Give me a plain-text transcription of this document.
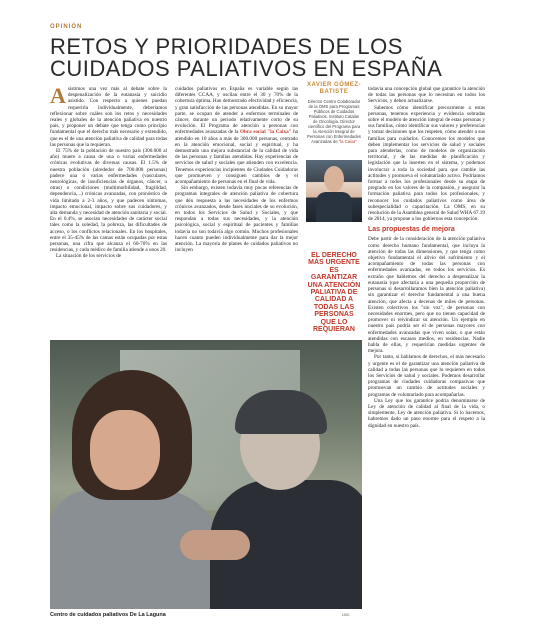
OPINIÓN
RETOS Y PRIORIDADES DE LOS CUIDADOS PALIATIVOS EN ESPAÑA
A sistimos una vez más al debate sobre la despenalización de la eutanasia y suicidio asistido. Con respecto a quienes puedan requerirla individualmente, deberíamos reflexionar sobre cuáles son los retos y necesidades reales y globales de la atención paliativa en nuestro país, y proponer un debate que tenga como principio fundamental que el derecho más necesario y extendido, que es el de una atención paliativa de calidad para todas las personas que la requieran.

El 75% de la población de nuestro país (300.000 al año) muere a causa de una o varias enfermedades crónicas evolutivas de diversas causas. El 1.5% de nuestra población (alrededor de 700.000 personas) padece una o varias enfermedades (vasculares, neurológicas, de insuficiencias de órganos, cáncer, u otras) o condiciones (multimorbilidad, fragilidad, dependencia,...) crónicas avanzadas, con pronóstico de vida limitado a 2-3 años, y que padecen síntomas, impacto emocional, impacto sobre sus cuidadores, y alta demanda y necesidad de atención sanitaria y social. En el 0.4%, se asocian necesidades de carácter social tales como la soledad, la pobreza, las dificultades de acceso, o los conflictos relacionales. En los hospitales, entre el 35-45% de las camas están ocupadas por estas personas, una cifra que alcanza el 60-70% en las residencias, y cada médico de familia atiende a unos 20.

La situación de los servicios de

cuidados paliativos en España es variable según las diferentes CCAA, y oscilan entre el 30 y 70% de la cobertura óptima. Han demostrado efectividad y eficiencia, y gran satisfacción de las personas atendidas. En su mayor parte, se ocupan de atender a enfermos terminales de cáncer, durante un periodo relativamente corto de su evolución. El Programa de atención a personas con enfermedades avanzadas de la Obra social "la Caixa" ha atendido en 10 años a más de 300.000 personas, centrado en la atención emocional, social y espiritual, y ha demostrado una mejora substancial de la calidad de vida de las personas y familias atendidas. Hay experiencias de servicios de salud y sociales que atienden con excelencia. Tenemos experiencias incipientes de Ciudades Cuidadoras que promueven y consiguen cambios de y el acompañamiento de personas en el final de vida.

Sin embargo, existen todavía muy pocas referencias de programas integrales de atención paliativa de cobertura que dén respuesta a las necesidades de los enfermos crónicos avanzados, desde fases iniciales de su evolución, en todos los Servicios de Salud y Sociales, y que respondan a todas sus necesidades, y la atención psicológica, social y espiritual de pacientes y familias todavía no son todavía algo común. Muchos profesionales hacen cuanto pueden individualmente para dar la mejor atención. La mayoría de planes de cuidados paliativos no incluyen

XAVIER GÓMEZ-BATISTE
Director Centro Colaborador de la OMS para Programas Públicos de Cuidados Paliativos. Instituto Catalán de Oncología. Director científico del Programa para la Atención Integral de Personas con Enfermedades Avanzadas de "la Caixa"
EL DERECHO MÁS URGENTE ES GARANTIZAR UNA ATENCIÓN PALIATIVA DE CALIDAD A TODAS LAS PERSONAS QUE LO REQUIERAN

todavía una concepción global que garantice la atención de todas las personas que lo necesitan en todos los Servicios, y deben actualizarse.

Sabemos cómo identificar precozmente a estas personas, tenemos experiencia y evidencia sobradas sobre el modelo de atención integral de estas personas y sus familias, cómo identificar sus valores y preferencias y tomar decisiones que los respeten, cómo atender a sus familias para cuidarlos. Conocemos los modelos que deben implementar los servicios de salud y sociales para atenderlas, como de modelos de organización territorial, y de las medidas de planificación y legislación que la inserten en el sistema, y podemos involucrar a toda la sociedad para que cambie las actitudes y promueva el voluntariado activo. Podríamos formar a todos los profesionales desde su etapa de pregrado en los valores de la compasión, y asegurar la formación paliativa para todos los profesionales, y reconocer los cuidados paliativos como área de subespecialidad o capacitación. La OMS, en su resolución de la Asamblea general de Salud WHA 67.19 de 2014, ya propone a los gobiernos esta concepción.

Las propuestas de mejora

Debe partir de la consideración de la atención paliativa como derecho humano fundamental, que incluya la atención de todas las dimensiones, y que tenga como objetivo fundamental el alivio del sufrimiento y el acompañamiento de todas las personas con enfermedades avanzadas, en todos los servicios. Es extraño que hablemos del derecho a despenalizar la eutanasia (que afectaría a una pequeña proporción de personas si desarrollaramos bien la atención paliativa) sin garantizar el derecho fundamental a una buena atención, que afecta a decenas de miles de personas. Existen colectivos los "sin voz", de personas con necesidades enormes, pero que no tienen capacidad de promover ni reivindicar su atención. Un ejemplo en nuestro país podría ser el de personas mayores con enfermedades avanzadas que viven solas, o que están atendidas con escasos medios, en residencias. Nadie habla de ellas, y requerirían medidas urgentes de mejora.

Por tanto, si hablamos de derechos, el más necesario y urgente es el de garantizar una atención paliativa de calidad a todas las personas que lo requieren en todos los Servicios de salud y sociales. Podemos desarrollar programas de ciudades cuidadoras compasivas que promuevan un cambio de actitudes sociales y programas de voluntariado para acompañarlas.

Una Ley que los garantice podría denominarse de Ley de atención de calidad al final de la vida, o simplemente, Ley de atención paliativa. Si lo hacemos, habremos dado un paso enorme para el respeto a la dignidad en nuestro país.

Centro de cuidados paliativos De La Laguna	LBC
